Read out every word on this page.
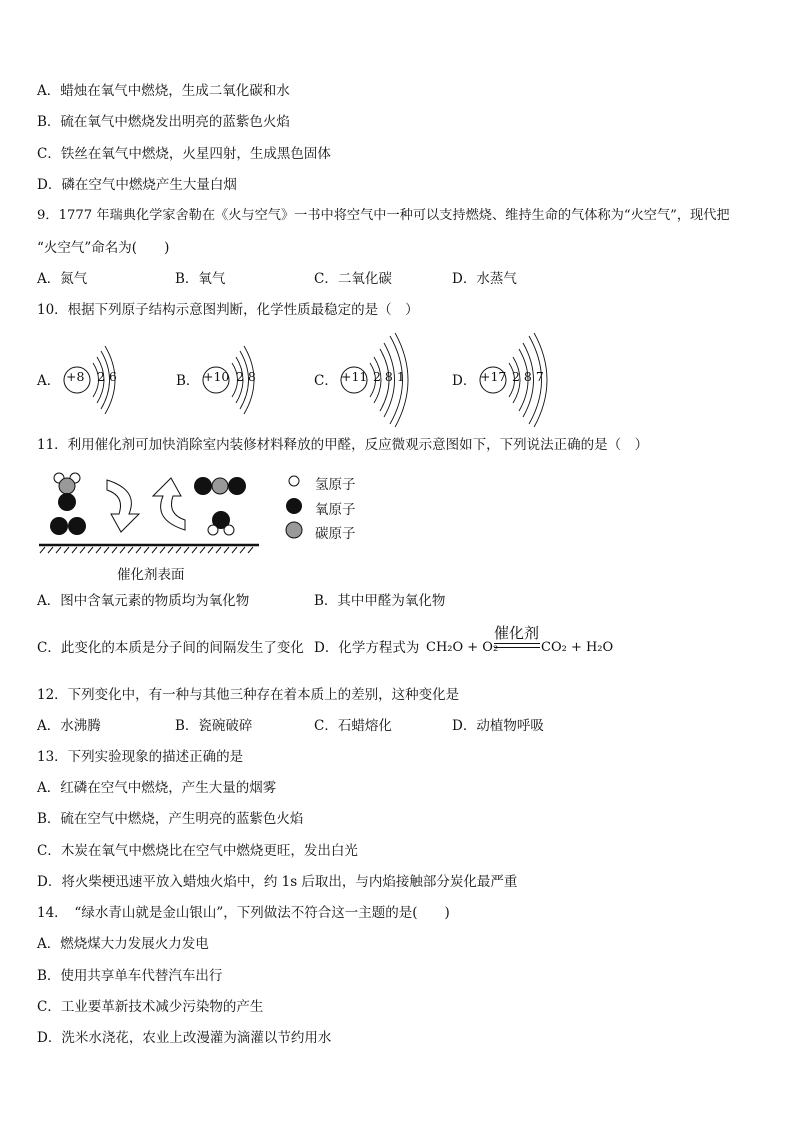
A．蜡烛在氧气中燃烧，生成二氧化碳和水
B．硫在氧气中燃烧发出明亮的蓝紫色火焰
C．铁丝在氧气中燃烧，火星四射，生成黑色固体
D．磷在空气中燃烧产生大量白烟
9．1777 年瑞典化学家舍勒在《火与空气》一书中将空气中一种可以支持燃烧、维持生命的气体称为“火空气”，现代把
“火空气”命名为(　　)
A．氮气	B．氧气	C．二氧化碳	D．水蒸气
10．根据下列原子结构示意图判断，化学性质最稳定的是（　）
A． +8 2 6	B． +10 2 8	C． +11 2 8 1	D． +17 2 8 7
11．利用催化剂可加快消除室内装修材料释放的甲醛，反应微观示意图如下，下列说法正确的是（　）
氢原子
氧原子
碳原子
催化剂表面
A．图中含氧元素的物质均为氧化物	B．其中甲醛为氧化物
C．此变化的本质是分子间的间隔发生了变化 D．化学方程式为 CH₂O + O₂
催化剂
CO₂ + H₂O
12．下列变化中，有一种与其他三种存在着本质上的差别，这种变化是
A．水沸腾	B．瓷碗破碎	C．石蜡熔化	D．动植物呼吸
13．下列实验现象的描述正确的是
A．红磷在空气中燃烧，产生大量的烟雾
B．硫在空气中燃烧，产生明亮的蓝紫色火焰
C．木炭在氧气中燃烧比在空气中燃烧更旺，发出白光
D．将火柴梗迅速平放入蜡烛火焰中，约 1s 后取出，与内焰接触部分炭化最严重
14．　“绿水青山就是金山银山”，下列做法不符合这一主题的是(　　)
A．燃烧煤大力发展火力发电
B．使用共享单车代替汽车出行
C．工业要革新技术减少污染物的产生
D．洗米水浇花，农业上改漫灌为滴灌以节约用水
